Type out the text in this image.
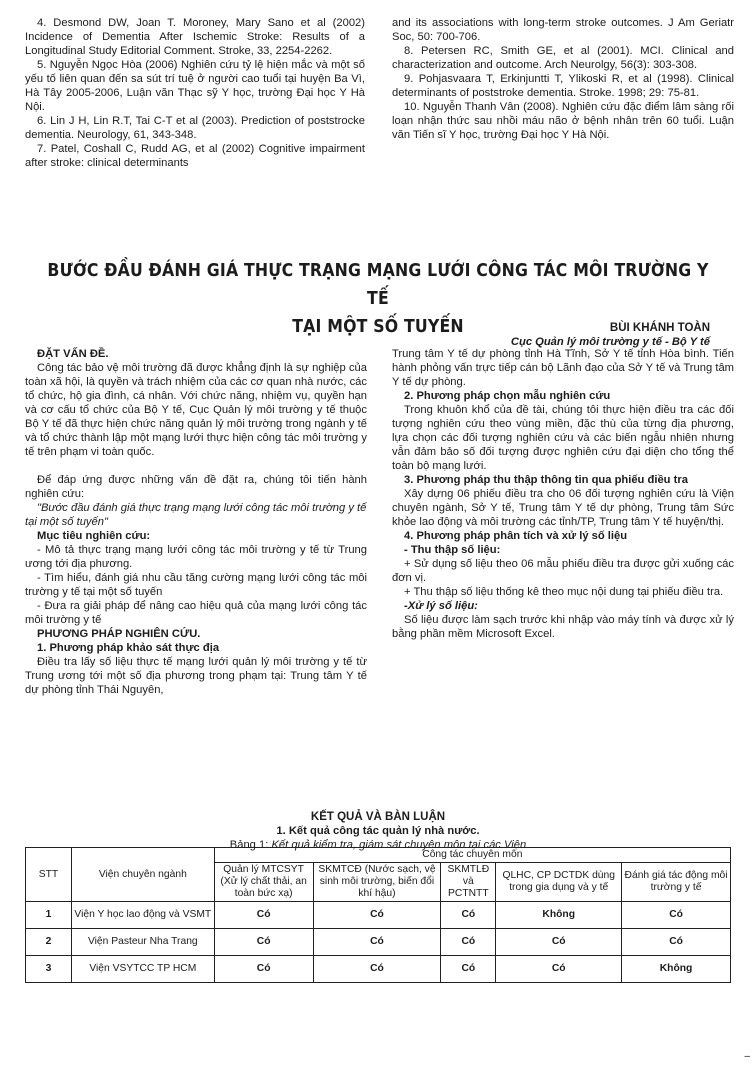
4. Desmond DW, Joan T. Moroney, Mary Sano et al (2002) Incidence of Dementia After Ischemic Stroke: Results of a Longitudinal Study Editorial Comment. Stroke, 33, 2254-2262.

5. Nguyễn Ngọc Hòa (2006) Nghiên cứu tỷ lệ hiện mắc và một số yếu tố liên quan đến sa sút trí tuệ ở người cao tuổi tại huyện Ba Vì, Hà Tây 2005-2006, Luận văn Thạc sỹ Y học, trường Đại học Y Hà Nội.

6. Lin J H, Lin R.T, Tai C-T et al (2003). Prediction of poststrocke dementia. Neurology, 61, 343-348.

7. Patel, Coshall C, Rudd AG, et al (2002) Cognitive impairment after stroke: clinical determinants

and its associations with long-term stroke outcomes. J Am Geriatr Soc, 50: 700-706.

8. Petersen RC, Smith GE, et al (2001). MCI. Clinical and characterization and outcome. Arch Neurolgy, 56(3): 303-308.

9. Pohjasvaara T, Erkinjuntti T, Ylikoski R, et al (1998). Clinical determinants of poststroke dementia. Stroke. 1998; 29: 75-81.

10. Nguyễn Thanh Vân (2008). Nghiên cứu đặc điểm lâm sàng rối loạn nhận thức sau nhồi máu não ở bệnh nhân trên 60 tuổi. Luận văn Tiến sĩ Y học, trường Đại học Y Hà Nội.

BƯỚC ĐẦU ĐÁNH GIÁ THỰC TRẠNG MẠNG LƯỚI CÔNG TÁC MÔI TRƯỜNG Y TẾ
TẠI MỘT SỐ TUYẾN	BÙI KHÁNH TOÀN
Cục Quản lý môi trường y tế - Bộ Y tế

ĐẶT VẤN ĐỀ.

Công tác bảo vệ môi trường đã được khẳng định là sự nghiệp của toàn xã hội, là quyền và trách nhiệm của các cơ quan nhà nước, các tổ chức, hộ gia đình, cá nhân. Với chức năng, nhiệm vụ, quyền hạn và cơ cấu tổ chức của Bộ Y tế, Cục Quản lý môi trường y tế thuộc Bộ Y tế đã thực hiện chức năng quản lý môi trường trong ngành y tế và tổ chức thành lập một mạng lưới thực hiện công tác môi trường y tế trên phạm vi toàn quốc.

Để đáp ứng được những vấn đề đặt ra, chúng tôi tiến hành nghiên cứu:

"Bước đầu đánh giá thực trạng mạng lưới công tác môi trường y tế tại một số tuyến"

Mục tiêu nghiên cứu:

- Mô tả thực trạng mạng lưới công tác môi trường y tế từ Trung ương tới địa phương.

- Tìm hiểu, đánh giá nhu cầu tăng cường mạng lưới công tác môi trường y tế tại một số tuyến

- Đưa ra giải pháp để nâng cao hiệu quả của mạng lưới công tác môi trường y tế

PHƯƠNG PHÁP NGHIÊN CỨU.

1. Phương pháp khảo sát thực địa

Điều tra lấy số liệu thực tế mạng lưới quản lý môi trường y tế từ Trung ương tới một số địa phương trong phạm tại: Trung tâm Y tế dự phòng tỉnh Thái Nguyên,

Trung tâm Y tế dự phòng tỉnh Hà Tĩnh, Sở Y tế tỉnh Hòa bình. Tiến hành phỏng vấn trực tiếp cán bộ Lãnh đạo của Sở Y tế và Trung tâm Y tế dự phòng.

2. Phương pháp chọn mẫu nghiên cứu

Trong khuôn khổ của đề tài, chúng tôi thực hiện điều tra các đối tượng nghiên cứu theo vùng miền, đặc thù của từng địa phương, lựa chọn các đối tượng nghiên cứu và các biến ngẫu nhiên nhưng vẫn đảm bảo số đối tượng được nghiên cứu đại diện cho tổng thể toàn bộ mạng lưới.

3. Phương pháp thu thập thông tin qua phiếu điều tra

Xây dựng 06 phiếu điều tra cho 06 đối tượng nghiên cứu là Viện chuyên ngành, Sở Y tế, Trung tâm Y tế dự phòng, Trung tâm Sức khỏe lao động và môi trường các tỉnh/TP, Trung tâm Y tế huyện/thị.

4. Phương pháp phân tích và xử lý số liệu

- Thu thập số liệu:

+ Sử dụng số liệu theo 06 mẫu phiếu điều tra được gửi xuống các đơn vị.

+ Thu thập số liệu thống kê theo mục nội dung tại phiếu điều tra.

-Xử lý số liệu:

Số liệu được làm sạch trước khi nhập vào máy tính và được xử lý bằng phần mềm Microsoft Excel.

KẾT QUẢ VÀ BÀN LUẬN
1. Kết quả công tác quản lý nhà nước.
Bảng 1: Kết quả kiểm tra, giám sát chuyên môn tại các Viện
STT	Viện chuyên ngành	Công tác chuyên môn				
		Quản lý MTCSYT (Xử lý chất thải, an toàn bức xạ)	SKMTCĐ (Nước sạch, vệ sinh môi trường, biến đổi khí hậu)	SKMTLĐ và PCTNTT	QLHC, CP DCTDK dùng trong gia dụng và y tế	Đánh giá tác động môi trường y tế
1	Viện Y học lao động và VSMT	Có	Có	Có	Không	Có
2	Viện Pasteur Nha Trang	Có	Có	Có	Có	Có
3	Viện VSYTCC TP HCM	Có	Có	Có	Có	Không
–
